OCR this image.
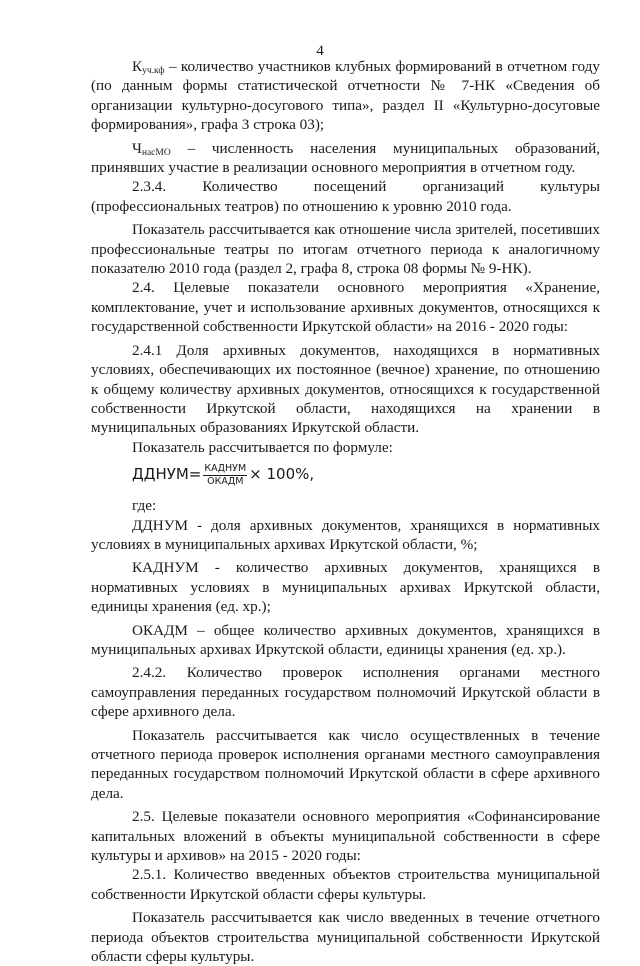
4

$К_{уч.кф}$ – количество участников клубных формирований в отчетном году (по данным формы статистической отчетности № 7-НК «Сведения об организации культурно-досугового типа», раздел II «Культурно-досуговые формирования», графа 3 строка 03);

$Ч_{насМО}$ – численность населения муниципальных образований, принявших участие в реализации основного мероприятия в отчетном году.

2.3.4. Количество посещений организаций культуры (профессиональных театров) по отношению к уровню 2010 года.

Показатель рассчитывается как отношение числа зрителей, посетивших профессиональные театры по итогам отчетного периода к аналогичному показателю 2010 года (раздел 2, графа 8, строка 08 формы № 9-НК).

2.4. Целевые показатели основного мероприятия «Хранение, комплектование, учет и использование архивных документов, относящихся к государственной собственности Иркутской области» на 2016 - 2020 годы:

2.4.1 Доля архивных документов, находящихся в нормативных условиях, обеспечивающих их постоянное (вечное) хранение, по отношению к общему количеству архивных документов, относящихся к государственной собственности Иркутской области, находящихся на хранении в муниципальных образованиях Иркутской области.

Показатель рассчитывается по формуле:

ДДНУМ= $\frac{\text{КАДНУМ}}{\text{ОКАДМ}} \times 100\%$,

где:

ДДНУМ - доля архивных документов, хранящихся в нормативных условиях в муниципальных архивах Иркутской области, %;

КАДНУМ - количество архивных документов, хранящихся в нормативных условиях в муниципальных архивах Иркутской области, единицы хранения (ед. хр.);

ОКАДМ – общее количество архивных документов, хранящихся в муниципальных архивах Иркутской области, единицы хранения (ед. хр.).

2.4.2. Количество проверок исполнения органами местного самоуправления переданных государством полномочий Иркутской области в сфере архивного дела.

Показатель рассчитывается как число осуществленных в течение отчетного периода проверок исполнения органами местного самоуправления переданных государством полномочий Иркутской области в сфере архивного дела.

2.5. Целевые показатели основного мероприятия «Софинансирование капитальных вложений в объекты муниципальной собственности в сфере культуры и архивов» на 2015 - 2020 годы:

2.5.1. Количество введенных объектов строительства муниципальной собственности Иркутской области сферы культуры.

Показатель рассчитывается как число введенных в течение отчетного периода объектов строительства муниципальной собственности Иркутской области сферы культуры.
